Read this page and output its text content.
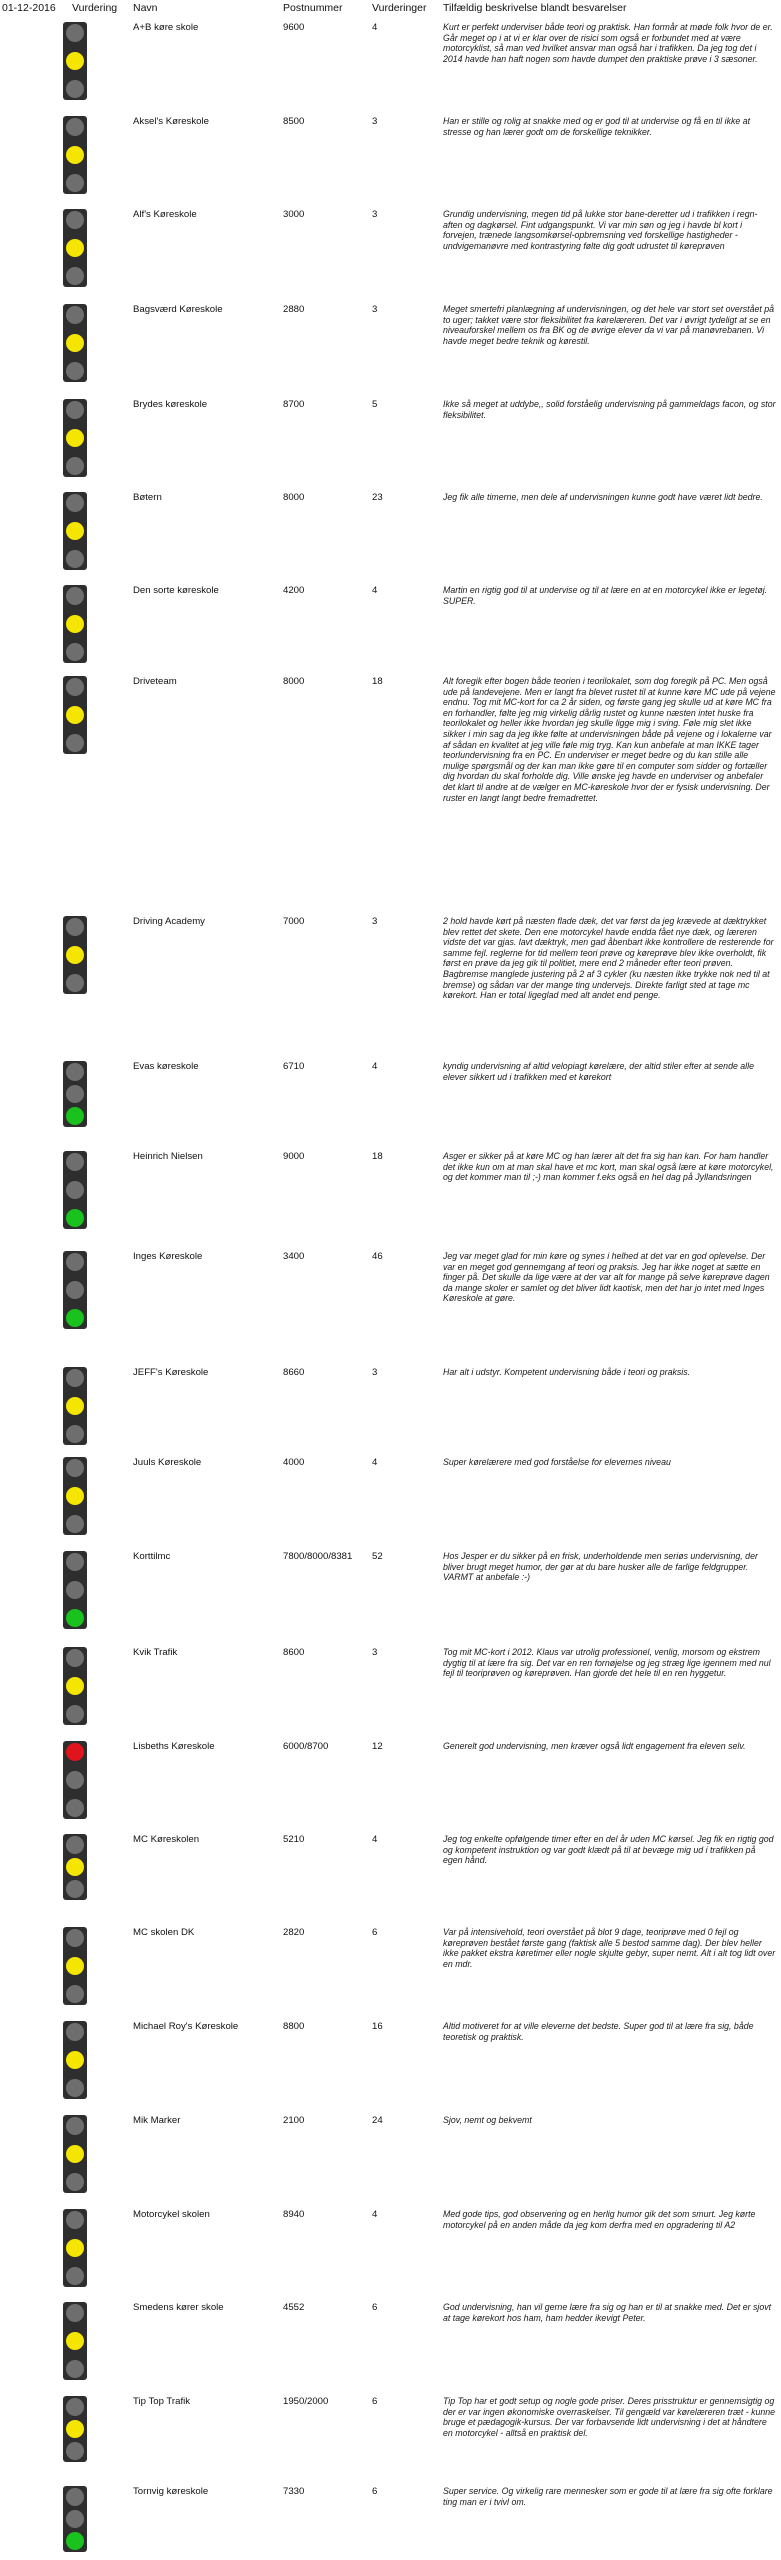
01-12-2016 Vurdering Navn	Postnummer	Vurderinger Tilfældig beskrivelse blandt besvarelser
A+B køre skole	9600	4	Kurt er perfekt underviser både teori og praktisk. Han formår at møde folk hvor de er. Går meget op i at vi er klar over de risici som også er forbundet med at være motorcyklist, så man ved hvilket ansvar man også har i trafikken. Da jeg tog det i 2014 havde han haft nogen som havde dumpet den praktiske prøve i 3 sæsoner.
Aksel's Køreskole	8500	3	Han er stille og rolig at snakke med og er god til at undervise og få en til ikke at stresse og han lærer godt om de forskellige teknikker.
Alf's Køreskole	3000	3	Grundig undervisning, megen tid på lukke stor bane-deretter ud i trafikken i regn-aften og dagkørsel. Fint udgangspunkt. Vi var min søn og jeg i havde bl kort i forvejen, trænede langsomkørsel-opbremsning ved forskellige hastigheder -undvigemanøvre med kontrastyring følte dig godt udrustet til køreprøven
Bagsværd Køreskole	2880	3	Meget smertefri planlægning af undervisningen, og det hele var stort set overstået på to uger; takket være stor fleksibilitet fra kørelæreren. Det var i øvrigt tydeligt at se en niveauforskel mellem os fra BK og de øvrige elever da vi var på manøvrebanen. Vi havde meget bedre teknik og kørestil.
Brydes køreskole	8700	5	Ikke så meget at uddybe,, solid forståelig undervisning på gammeldags facon, og stor fleksibilitet.
Bøtern	8000	23	Jeg fik alle timerne, men dele af undervisningen kunne godt have været lidt bedre.
Den sorte køreskole	4200	4	Martin en rigtig god til at undervise og til at lære en at en motorcykel ikke er legetøj. SUPER.
Driveteam	8000	18	Alt foregik efter bogen både teorien i teorilokalet, som dog foregik på PC. Men også ude på landevejene. Men er langt fra blevet rustet til at kunne køre MC ude på vejene endnu. Tog mit MC-kort for ca 2 år siden, og første gang jeg skulle ud at køre MC fra en forhandler, følte jeg mig virkelig dårlig rustet og kunne næsten intet huske fra teorilokalet og heller ikke hvordan jeg skulle ligge mig i sving. Føle mig slet ikke sikker i min sag da jeg ikke følte at undervisningen både på vejene og i lokalerne var af sådan en kvalitet at jeg ville føle mig tryg. Kan kun anbefale at man IKKE tager teorlundervisning fra en PC. En underviser er meget bedre og du kan stille alle mulige spørgsmål og der kan man ikke gøre til en computer som sidder og fortæller dig hvordan du skal forholde dig. Ville ønske jeg havde en underviser og anbefaler det klart til andre at de vælger en MC-køreskole hvor der er fysisk undervisning. Der ruster en langt langt bedre fremadrettet.
Driving Academy	7000	3	2 hold havde kørt på næsten flade dæk, det var først da jeg krævede at dæktrykket blev rettet det skete. Den ene motorcykel havde endda fået nye dæk, og læreren vidste det var gjas. lavt dæktryk, men gad åbenbart ikke kontrollere de resterende for samme fejl. reglerne for tid mellem teori prøve og køreprøve blev ikke overholdt, fik først en prøve da jeg gik til politiet, mere end 2 måneder efter teori prøven. Bagbremse manglede justering på 2 af 3 cykler (ku næsten ikke trykke nok ned til at bremse) og sådan var der mange ting undervejs. Direkte farligt sted at tage mc kørekort. Han er total ligeglad med alt andet end penge.
Evas køreskole	6710	4	kyndig undervisning af altid velopiagt kørelære, der altid stiler efter at sende alle elever sikkert ud i trafikken med et kørekort
Heinrich Nielsen	9000	18	Asger er sikker på at køre MC og han lærer alt det fra sig han kan. For ham handler det ikke kun om at man skal have et mc kort, man skal også lære at køre motorcykel, og det kommer man til ;-) man kommer f.eks også en hel dag på Jyllandsringen
Inges Køreskole	3400	46	Jeg var meget glad for min køre og synes i helhed at det var en god oplevelse. Der var en meget god gennemgang af teori og praksis. Jeg har ikke noget at sætte en finger på. Det skulle da lige være at der var alt for mange på selve køreprøve dagen da mange skoler er samlet og det bliver lidt kaotisk, men det har jo intet med Inges Køreskole at gøre.
JEFF's Køreskole	8660	3	Har alt i udstyr. Kompetent undervisning både i teori og praksis.
Juuls Køreskole	4000	4	Super kørelærere med god forståelse for elevernes niveau
Korttilmc	7800/8000/8381 52	Hos Jesper er du sikker på en frisk, underholdende men seriøs undervisning, der bliver brugt meget humor, der gør at du bare husker alle de farlige feldgrupper. VARMT at anbefale :-)
Kvik Trafik	8600	3	Tog mit MC-kort i 2012. Klaus var utrolig professionel, venlig, morsom og ekstrem dygtig til at lære fra sig. Det var en ren fornøjelse og jeg stræg lige igennem med nul fejl til teoriprøven og køreprøven. Han gjorde det hele til en ren hyggetur.
Lisbeths Køreskole	6000/8700	12	Generelt god undervisning, men kræver også lidt engagement fra eleven selv.
MC Køreskolen	5210	4	Jeg tog enkelte opfølgende timer efter en del år uden MC kørsel. Jeg fik en rigtig god og kompetent instruktion og var godt klædt på til at bevæge mig ud i trafikken på egen hånd.
MC skolen DK	2820	6	Var på intensivehold, teori overstået på blot 9 dage, teoriprøve med 0 fejl og køreprøven bestået første gang (faktisk alle 5 bestod samme dag). Der blev heller ikke pakket ekstra køretimer eller nogle skjulte gebyr, super nemt. Alt i alt tog lidt over en mdr.
Michael Roy's Køreskole	8800	16	Altid motiveret for at ville eleverne det bedste. Super god til at lære fra sig, både teoretisk og praktisk.
Mik Marker	2100	24	Sjov, nemt og bekvemt
Motorcykel skolen	8940	4	Med gode tips, god observering og en herlig humor gik det som smurt. Jeg kørte motorcykel på en anden måde da jeg kom derfra med en opgradering til A2
Smedens kører skole	4552	6	God undervisning, han vil gerne lære fra sig og han er til at snakke med. Det er sjovt at tage kørekort hos ham, ham hedder ikevigt Peter.
Tip Top Trafik	1950/2000	6	Tip Top har et godt setup og nogle gode priser. Deres prisstruktur er gennemsigtig og der er var ingen økonomiske overraskelser. Til gengæld var kørelæreren træt - kunne bruge et pædagogik-kursus. Der var forbavsende lidt undervisning i det at håndtere en motorcykel - alltså en praktisk del.
Tornvig køreskole	7330	6	Super service. Og virkelig rare mennesker som er gode til at lære fra sig ofte forklare ting man er i tvivl om.
